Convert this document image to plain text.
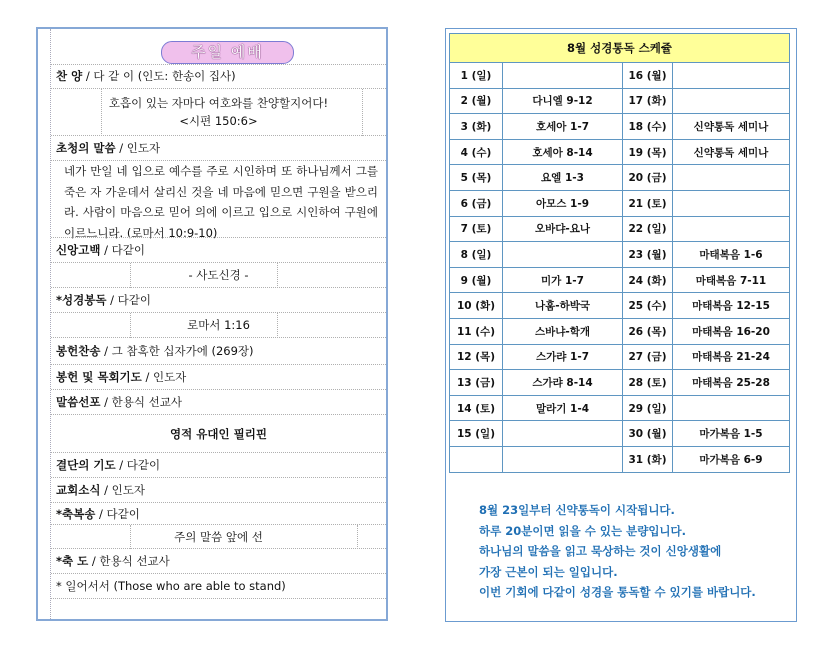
주일 예배
찬 양 / 다 같 이 (인도: 한송이 집사)
호흡이 있는 자마다 여호와를 찬양할지어다!
<시편 150:6>
초청의 말씀 / 인도자
네가 만일 네 입으로 예수를 주로 시인하며 또 하나님께서 그를 죽은 자 가운데서 살리신 것을 네 마음에 믿으면 구원을 받으리라. 사람이 마음으로 믿어 의에 이르고 입으로 시인하여 구원에 이르느니라. (로마서 10:9-10)
신앙고백 / 다같이
- 사도신경 -
*성경봉독 / 다같이
로마서 1:16
봉헌찬송 / 그 참혹한 십자가에 (269장)
봉헌 및 목회기도 / 인도자
말씀선포 / 한용식 선교사
영적 유대인 필리핀
결단의 기도 / 다같이
교회소식 / 인도자
*축복송 / 다같이
주의 말씀 앞에 선
*축 도 / 한용식 선교사
* 일어서서 (Those who are able to stand)
8월 성경통독 스케쥴			
1 (일)		16 (월)	
2 (월)	다니엘 9-12	17 (화)	
3 (화)	호세아 1-7	18 (수)	신약통독 세미나
4 (수)	호세아 8-14	19 (목)	신약통독 세미나
5 (목)	요엘 1-3	20 (금)	
6 (금)	아모스 1-9	21 (토)	
7 (토)	오바댜-요나	22 (일)	
8 (일)		23 (월)	마태복음 1-6
9 (월)	미가 1-7	24 (화)	마태복음 7-11
10 (화)	나훔-하박국	25 (수)	마태복음 12-15
11 (수)	스바냐-학개	26 (목)	마태복음 16-20
12 (목)	스가랴 1-7	27 (금)	마태복음 21-24
13 (금)	스가랴 8-14	28 (토)	마태복음 25-28
14 (토)	말라기 1-4	29 (일)	
15 (일)		30 (월)	마가복음 1-5
		31 (화)	마가복음 6-9
8월 23일부터 신약통독이 시작됩니다.
하루 20분이면 읽을 수 있는 분량입니다.
하나님의 말씀을 읽고 묵상하는 것이 신앙생활에
가장 근본이 되는 일입니다.
이번 기회에 다같이 성경을 통독할 수 있기를 바랍니다.
